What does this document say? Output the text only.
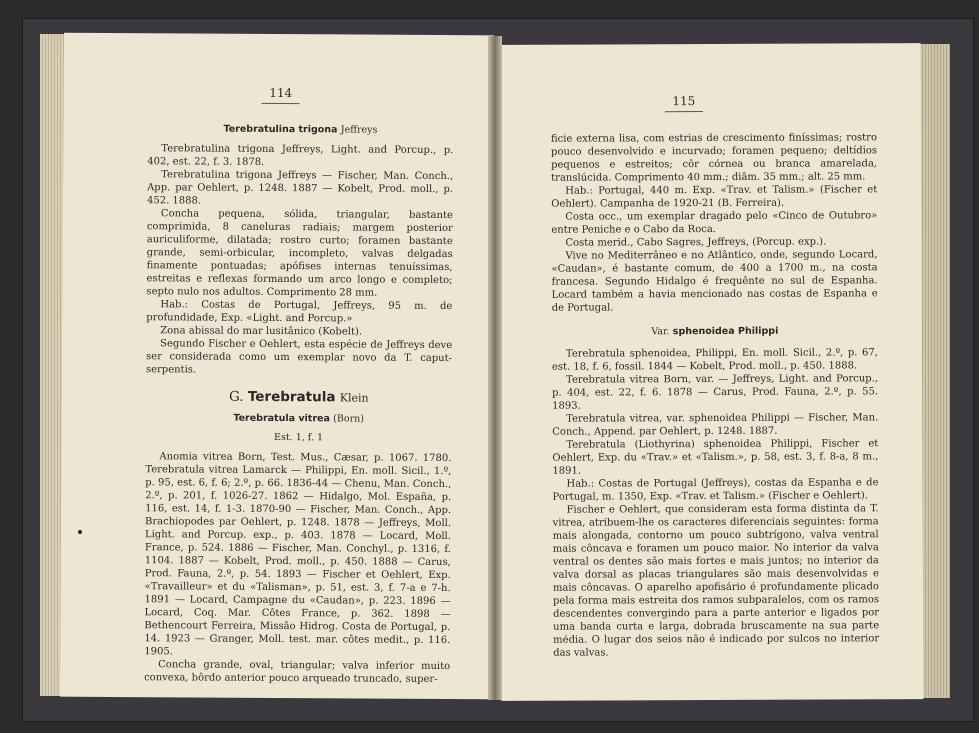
114
Terebratulina trigona Jeffreys

Terebratulina trigona Jeffreys, Light. and Porcup., p. 402, est. 22, f. 3. 1878.

Terebratulina trigona Jeffreys — Fischer, Man. Conch., App. par Oehlert, p. 1248. 1887 — Kobelt, Prod. moll., p. 452. 1888.

Concha pequena, sólida, triangular, bastante comprimida, 8 caneluras radiais; margem posterior auriculiforme, dilatada; rostro curto; foramen bastante grande, semi-orbicular, incompleto, valvas delgadas finamente pontuadas; apófises internas tenuíssimas, estreitas e reflexas formando um arco longo e completo; septo nulo nos adultos. Comprimento 28 mm.

Hab.: Costas de Portugal, Jeffreys, 95 m. de profundidade, Exp. «Light. and Porcup.»

Zona abissal do mar lusitânico (Kobelt).

Segundo Fischer e Oehlert, esta espécie de Jeffreys deve ser considerada como um exemplar novo da T. caput-serpentis.

G. Terebratula Klein
Terebratula vitrea (Born)
Est. 1, f. 1

Anomia vitrea Born, Test. Mus., Cæsar, p. 1067. 1780. Terebratula vitrea Lamarck — Philippi, En. moll. Sicil., 1.º, p. 95, est. 6, f. 6; 2.º, p. 66. 1836-44 — Chenu, Man. Conch., 2.º, p. 201, f. 1026-27. 1862 — Hidalgo, Mol. España, p. 116, est. 14, f. 1-3. 1870-90 — Fischer, Man. Conch., App. Brachiopodes par Oehlert, p. 1248. 1878 — Jeffreys, Moll. Light. and Porcup. exp., p. 403. 1878 — Locard, Moll. France, p. 524. 1886 — Fischer, Man. Conchyl., p. 1316, f. 1104. 1887 — Kobelt, Prod. moll., p. 450. 1888 — Carus, Prod. Fauna, 2.º, p. 54. 1893 — Fischer et Oehlert, Exp. «Travailleur» et du «Talisman», p. 51, est. 3, f. 7-a e 7-h. 1891 — Locard, Campagne du «Caudan», p. 223. 1896 — Locard, Coq. Mar. Côtes France, p. 362. 1898 — Bethencourt Ferreira, Missão Hidrog. Costa de Portugal, p. 14. 1923 — Granger, Moll. test. mar. côtes medit., p. 116. 1905.

Concha grande, oval, triangular; valva inferior muito convexa, bôrdo anterior pouco arqueado truncado, super-

115

ficie externa lisa, com estrias de crescimento finíssimas; rostro pouco desenvolvido e incurvado; foramen pequeno; deltídios pequenos e estreitos; côr córnea ou branca amarelada, translúcida. Comprimento 40 mm.; diâm. 35 mm.; alt. 25 mm.

Hab.: Portugal, 440 m. Exp. «Trav. et Talism.» (Fischer et Oehlert). Campanha de 1920-21 (B. Ferreira).

Costa occ., um exemplar dragado pelo «Cinco de Outubro» entre Peniche e o Cabo da Roca.

Costa merid., Cabo Sagres, Jeffreys, (Porcup. exp.).

Vive no Mediterrâneo e no Atlântico, onde, segundo Locard, «Caudan», é bastante comum, de 400 a 1700 m., na costa francesa. Segundo Hidalgo é frequênte no sul de Espanha. Locard também a havia mencionado nas costas de Espanha e de Portugal.

Var. sphenoidea Philippi

Terebratula sphenoidea, Philippi, En. moll. Sicil., 2.º, p. 67, est. 18, f. 6, fossil. 1844 — Kobelt, Prod. moll., p. 450. 1888.

Terebratula vitrea Born, var. — Jeffreys, Light. and Porcup., p. 404, est. 22, f. 6. 1878 — Carus, Prod. Fauna, 2.º, p. 55. 1893.

Terebratula vitrea, var. sphenoidea Philippi — Fischer, Man. Conch., Append. par Oehlert, p. 1248. 1887.

Terebratula (Liothyrina) sphenoidea Philippi, Fischer et Oehlert, Exp. du «Trav.» et «Talism.», p. 58, est. 3, f. 8-a, 8 m., 1891.

Hab.: Costas de Portugal (Jeffreys), costas da Espanha e de Portugal, m. 1350, Exp. «Trav. et Talism.» (Fischer e Oehlert).

Fischer e Oehlert, que consideram esta forma distinta da T. vitrea, atribuem-lhe os caracteres diferenciais seguintes: forma mais alongada, contorno um pouco subtrígono, valva ventral mais côncava e foramen um pouco maior. No interior da valva ventral os dentes são mais fortes e mais juntos; no interior da valva dorsal as placas triangulares são mais desenvolvidas e mais côncavas. O aparelho apofisário é profundamente plicado pela forma mais estreita dos ramos subparalelos, com os ramos descendentes convergindo para a parte anterior e ligados por uma banda curta e larga, dobrada bruscamente na sua parte média. O lugar dos seios não é indicado por sulcos no interior das valvas.
